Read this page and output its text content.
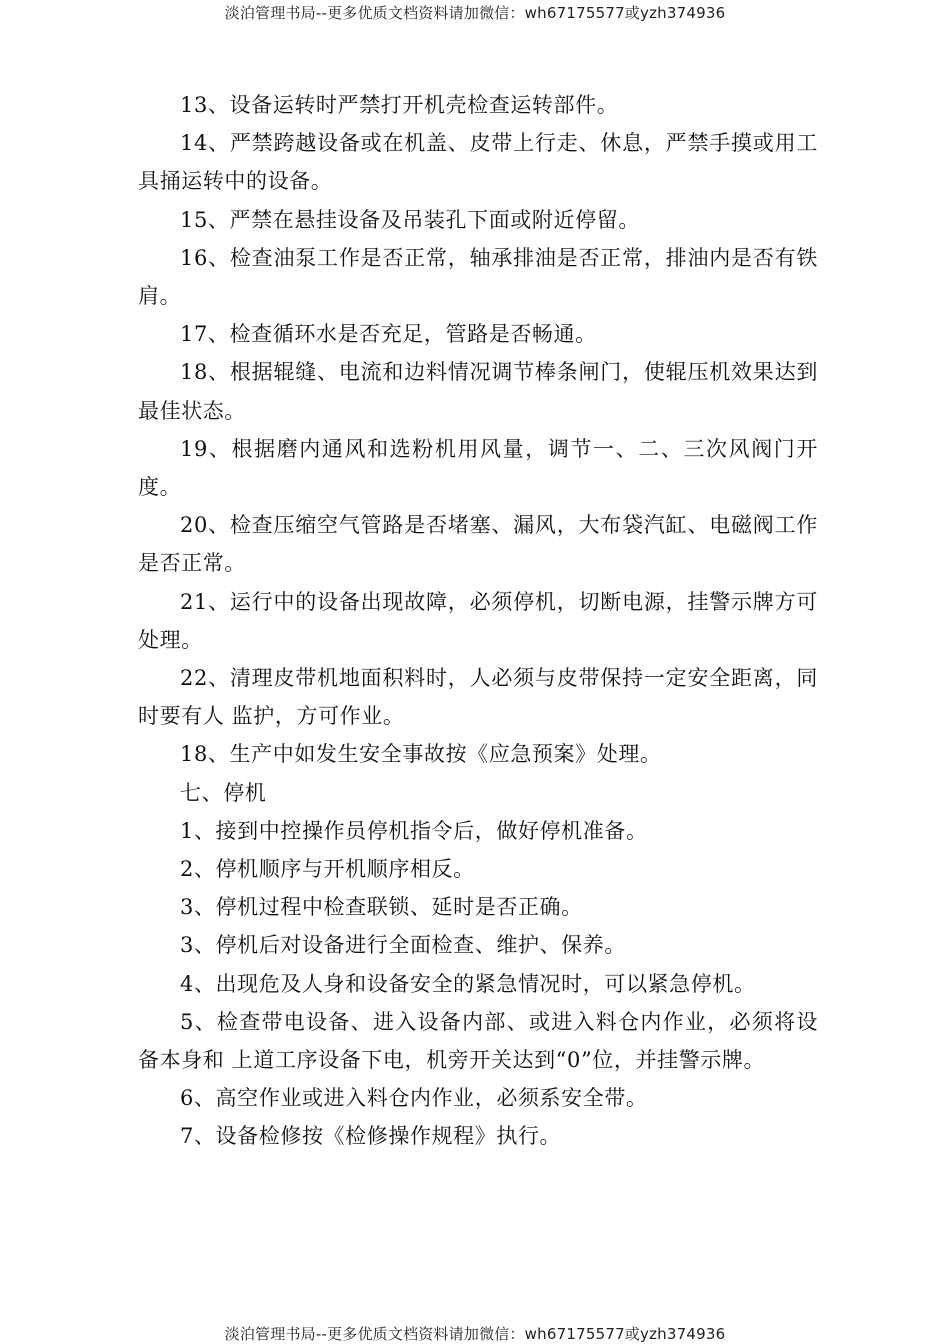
淡泊管理书局--更多优质文档资料请加微信：wh67175577或yzh374936

13、设备运转时严禁打开机壳检查运转部件。

14、严禁跨越设备或在机盖、皮带上行走、休息，严禁手摸或用工具捅运转中的设备。

15、严禁在悬挂设备及吊装孔下面或附近停留。

16、检查油泵工作是否正常，轴承排油是否正常，排油内是否有铁肩。

17、检查循环水是否充足，管路是否畅通。

18、根据辊缝、电流和边料情况调节棒条闸门，使辊压机效果达到最佳状态。

19、根据磨内通风和选粉机用风量，调节一、二、三次风阀门开度。

20、检查压缩空气管路是否堵塞、漏风，大布袋汽缸、电磁阀工作是否正常。

21、运行中的设备出现故障，必须停机，切断电源，挂警示牌方可处理。

22、清理皮带机地面积料时，人必须与皮带保持一定安全距离，同时要有人 监护，方可作业。

18、生产中如发生安全事故按《应急预案》处理。

七、停机

1、接到中控操作员停机指令后，做好停机准备。

2、停机顺序与开机顺序相反。

3、停机过程中检查联锁、延时是否正确。

3、停机后对设备进行全面检查、维护、保养。

4、出现危及人身和设备安全的紧急情况时，可以紧急停机。

5、检查带电设备、进入设备内部、或进入料仓内作业，必须将设备本身和 上道工序设备下电，机旁开关达到“0”位，并挂警示牌。

6、高空作业或进入料仓内作业，必须系安全带。

7、设备检修按《检修操作规程》执行。

淡泊管理书局--更多优质文档资料请加微信：wh67175577或yzh374936
